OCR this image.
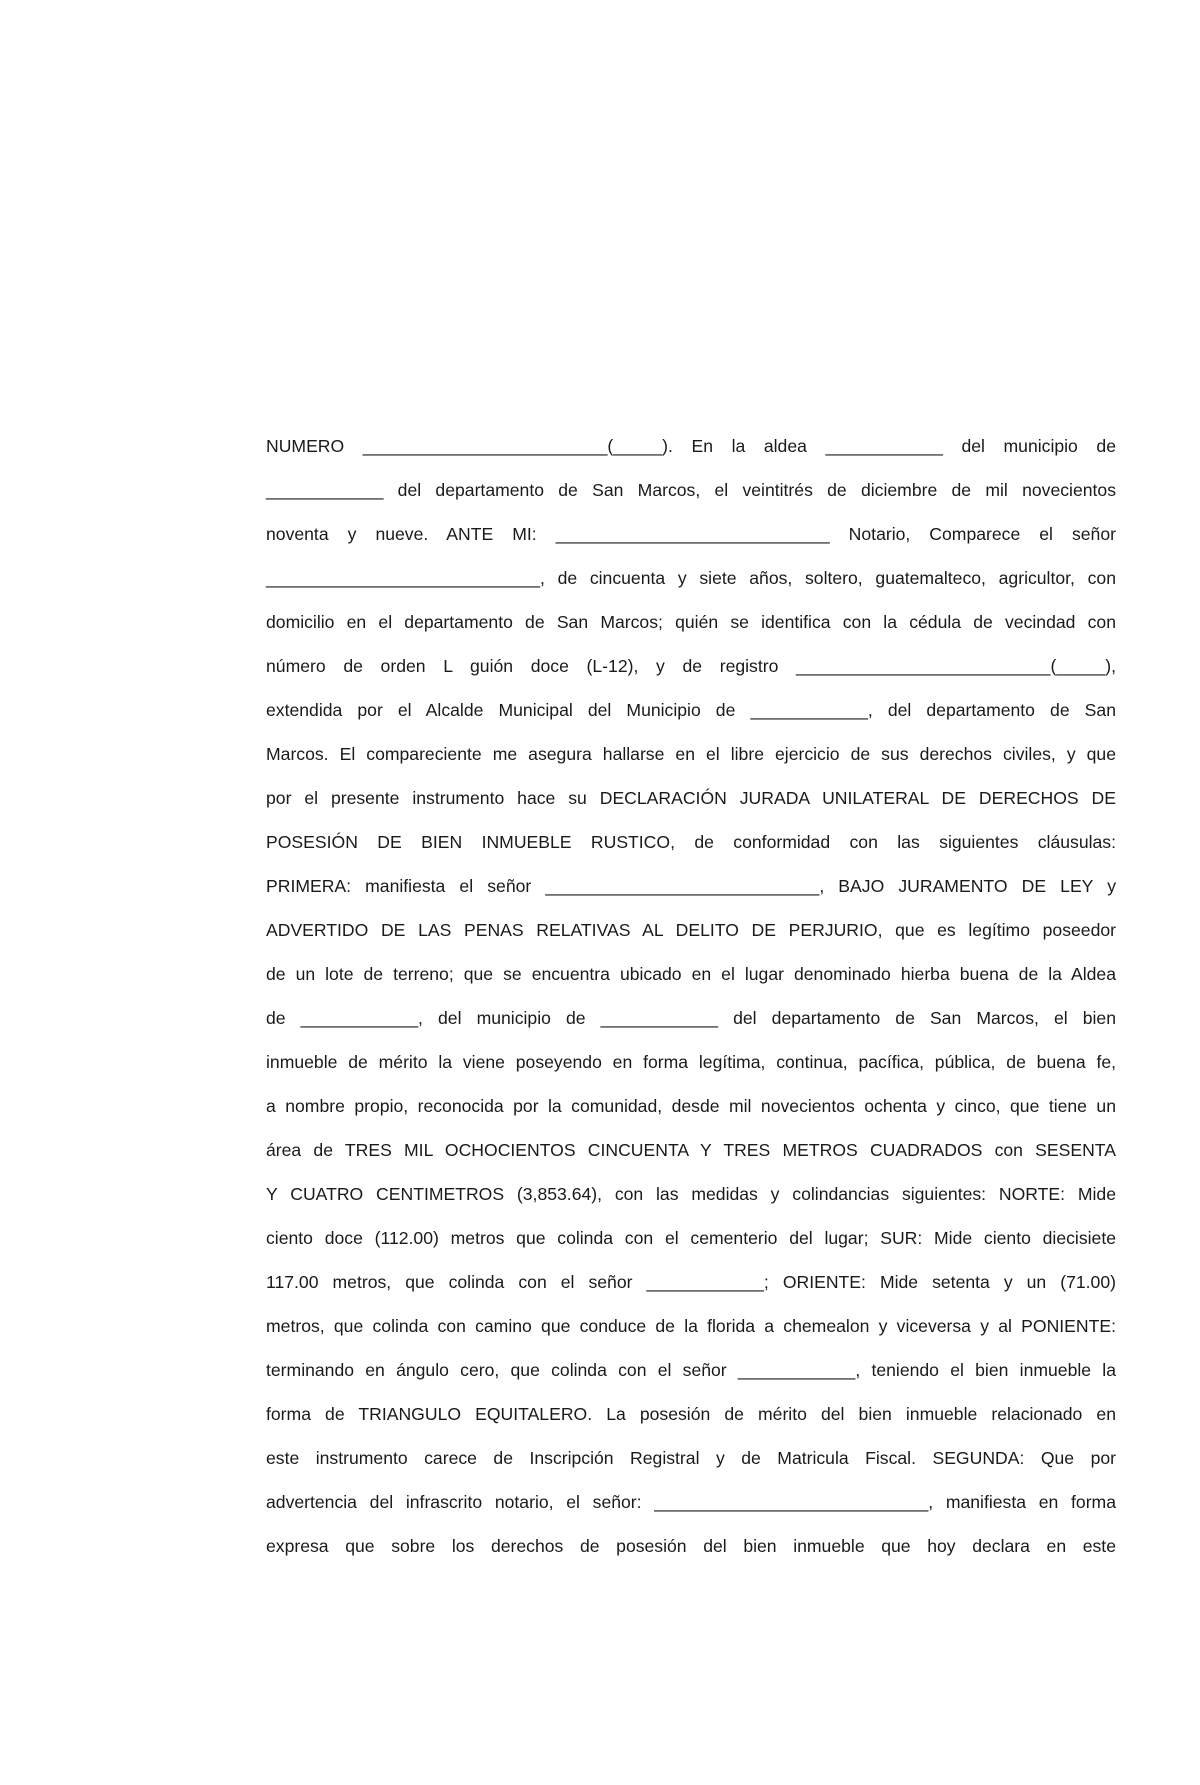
NUMERO _________________________(_____). En la aldea ____________ del municipio de
____________ del departamento de San Marcos, el veintitrés de diciembre de mil novecientos
noventa y nueve. ANTE MI: ____________________________ Notario, Comparece el señor
____________________________, de cincuenta y siete años, soltero, guatemalteco, agricultor, con
domicilio en el departamento de San Marcos; quién se identifica con la cédula de vecindad con
número de orden L guión doce (L-12), y de registro __________________________(_____),
extendida por el Alcalde Municipal del Municipio de ____________, del departamento de San
Marcos. El compareciente me asegura hallarse en el libre ejercicio de sus derechos civiles, y que
por el presente instrumento hace su DECLARACIÓN JURADA UNILATERAL DE DERECHOS DE
POSESIÓN DE BIEN INMUEBLE RUSTICO, de conformidad con las siguientes cláusulas:
PRIMERA: manifiesta el señor ____________________________, BAJO JURAMENTO DE LEY y
ADVERTIDO DE LAS PENAS RELATIVAS AL DELITO DE PERJURIO, que es legítimo poseedor
de un lote de terreno; que se encuentra ubicado en el lugar denominado hierba buena de la Aldea
de ____________, del municipio de ____________ del departamento de San Marcos, el bien
inmueble de mérito la viene poseyendo en forma legítima, continua, pacífica, pública, de buena fe,
a nombre propio, reconocida por la comunidad, desde mil novecientos ochenta y cinco, que tiene un
área de TRES MIL OCHOCIENTOS CINCUENTA Y TRES METROS CUADRADOS con SESENTA
Y CUATRO CENTIMETROS (3,853.64), con las medidas y colindancias siguientes: NORTE: Mide
ciento doce (112.00) metros que colinda con el cementerio del lugar; SUR: Mide ciento diecisiete
117.00 metros, que colinda con el señor ____________; ORIENTE: Mide setenta y un (71.00)
metros, que colinda con camino que conduce de la florida a chemealon y viceversa y al PONIENTE:
terminando en ángulo cero, que colinda con el señor ____________, teniendo el bien inmueble la
forma de TRIANGULO EQUITALERO. La posesión de mérito del bien inmueble relacionado en
este instrumento carece de Inscripción Registral y de Matricula Fiscal. SEGUNDA: Que por
advertencia del infrascrito notario, el señor: ____________________________, manifiesta en forma
expresa que sobre los derechos de posesión del bien inmueble que hoy declara en este
